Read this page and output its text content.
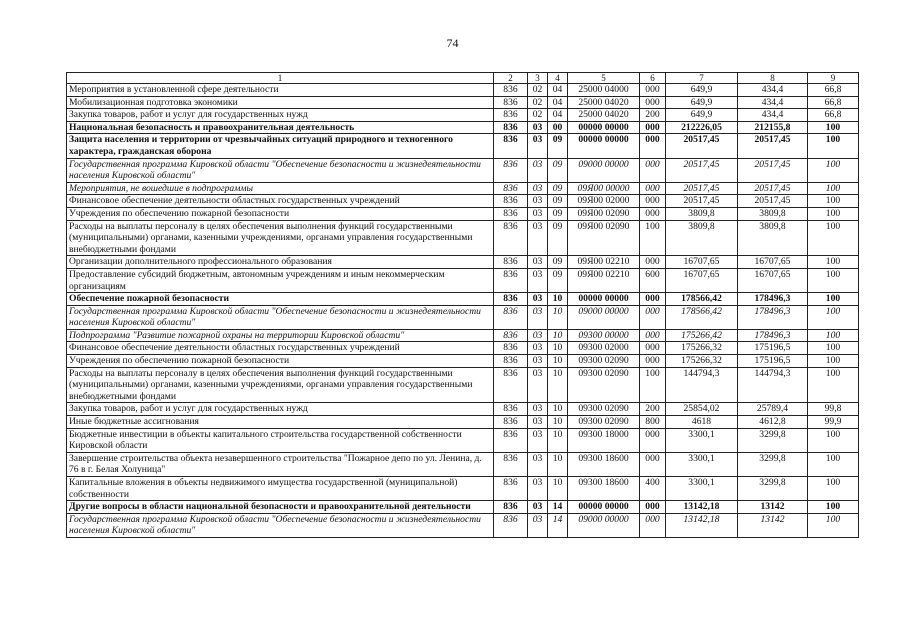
74
1	2	3	4	5	6	7	8	9
Мероприятия в установленной сфере деятельности	836	02	04	25000 04000	000	649,9	434,4	66,8
Мобилизационная подготовка экономики	836	02	04	25000 04020	000	649,9	434,4	66,8
Закупка товаров, работ и услуг для государственных нужд	836	02	04	25000 04020	200	649,9	434,4	66,8
Национальная безопасность и правоохранительная деятельность	836	03	00	00000 00000	000	212226,05	212155,8	100
Защита населения и территории от чрезвычайных ситуаций природного и техногенного характера, гражданская оборона	836	03	09	00000 00000	000	20517,45	20517,45	100
Государственная программа Кировской области "Обеспечение безопасности и жизнедеятельности населения Кировской области"	836	03	09	09000 00000	000	20517,45	20517,45	100
Мероприятия, не вошедшие в подпрограммы	836	03	09	09Я00 00000	000	20517,45	20517,45	100
Финансовое обеспечение деятельности областных государственных учреждений	836	03	09	09Я00 02000	000	20517,45	20517,45	100
Учреждения по обеспечению пожарной безопасности	836	03	09	09Я00 02090	000	3809,8	3809,8	100
Расходы на выплаты персоналу в целях обеспечения выполнения функций государственными (муниципальными) органами, казенными учреждениями, органами управления государственными внебюджетными фондами	836	03	09	09Я00 02090	100	3809,8	3809,8	100
Организации дополнительного профессионального образования	836	03	09	09Я00 02210	000	16707,65	16707,65	100
Предоставление субсидий бюджетным, автономным учреждениям и иным некоммерческим организациям	836	03	09	09Я00 02210	600	16707,65	16707,65	100
Обеспечение пожарной безопасности	836	03	10	00000 00000	000	178566,42	178496,3	100
Государственная программа Кировской области "Обеспечение безопасности и жизнедеятельности населения Кировской области"	836	03	10	09000 00000	000	178566,42	178496,3	100
Подпрограмма "Развитие пожарной охраны на территории Кировской области"	836	03	10	09300 00000	000	175266,42	178496,3	100
Финансовое обеспечение деятельности областных государственных учреждений	836	03	10	09300 02000	000	175266,32	175196,5	100
Учреждения по обеспечению пожарной безопасности	836	03	10	09300 02090	000	175266,32	175196,5	100
Расходы на выплаты персоналу в целях обеспечения выполнения функций государственными (муниципальными) органами, казенными учреждениями, органами управления государственными внебюджетными фондами	836	03	10	09300 02090	100	144794,3	144794,3	100
Закупка товаров, работ и услуг для государственных нужд	836	03	10	09300 02090	200	25854,02	25789,4	99,8
Иные бюджетные ассигнования	836	03	10	09300 02090	800	4618	4612,8	99,9
Бюджетные инвестиции в объекты капитального строительства государственной собственности Кировской области	836	03	10	09300 18000	000	3300,1	3299,8	100
Завершение строительства объекта незавершенного строительства "Пожарное депо по ул. Ленина, д. 76 в г. Белая Холуница"	836	03	10	09300 18600	000	3300,1	3299,8	100
Капитальные вложения в объекты недвижимого имущества государственной (муниципальной) собственности	836	03	10	09300 18600	400	3300,1	3299,8	100
Другие вопросы в области национальной безопасности и правоохранительной деятельности	836	03	14	00000 00000	000	13142,18	13142	100
Государственная программа Кировской области "Обеспечение безопасности и жизнедеятельности населения Кировской области"	836	03	14	09000 00000	000	13142,18	13142	100
